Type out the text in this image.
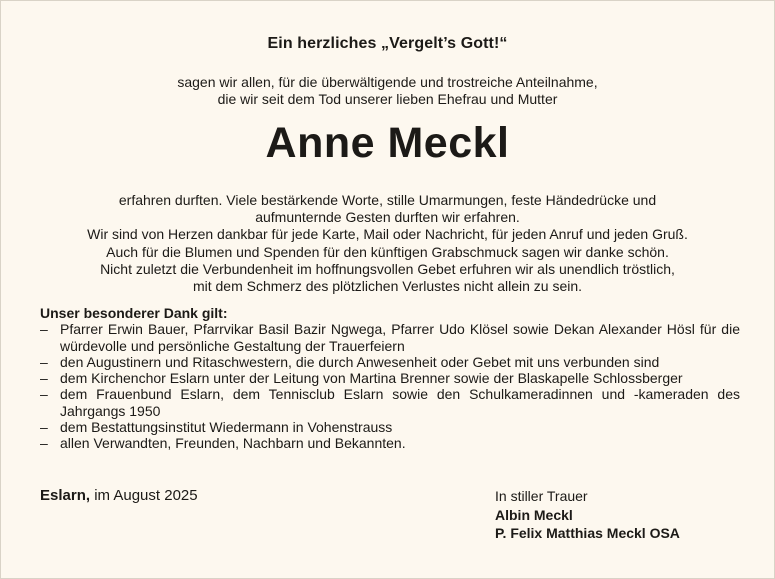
Ein herzliches „Vergelt’s Gott!“
sagen wir allen, für die überwältigende und trostreiche Anteilnahme,
die wir seit dem Tod unserer lieben Ehefrau und Mutter
Anne Meckl
erfahren durften. Viele bestärkende Worte, stille Umarmungen, feste Händedrücke und
aufmunternde Gesten durften wir erfahren.
Wir sind von Herzen dankbar für jede Karte, Mail oder Nachricht, für jeden Anruf und jeden Gruß.
Auch für die Blumen und Spenden für den künftigen Grabschmuck sagen wir danke schön.
Nicht zuletzt die Verbundenheit im hoffnungsvollen Gebet erfuhren wir als unendlich tröstlich,
mit dem Schmerz des plötzlichen Verlustes nicht allein zu sein.
Unser besonderer Dank gilt:
– Pfarrer Erwin Bauer, Pfarrvikar Basil Bazir Ngwega, Pfarrer Udo Klösel sowie Dekan Alexander Hösl für die würdevolle und persönliche Gestaltung der Trauerfeiern
– den Augustinern und Ritaschwestern, die durch Anwesenheit oder Gebet mit uns verbunden sind
– dem Kirchenchor Eslarn unter der Leitung von Martina Brenner sowie der Blaskapelle Schlossberger
– dem Frauenbund Eslarn, dem Tennisclub Eslarn sowie den Schulkameradinnen und -kameraden des Jahrgangs 1950
– dem Bestattungsinstitut Wiedermann in Vohenstrauss
– allen Verwandten, Freunden, Nachbarn und Bekannten.
Eslarn, im August 2025	In stiller Trauer
Albin Meckl
P. Felix Matthias Meckl OSA
